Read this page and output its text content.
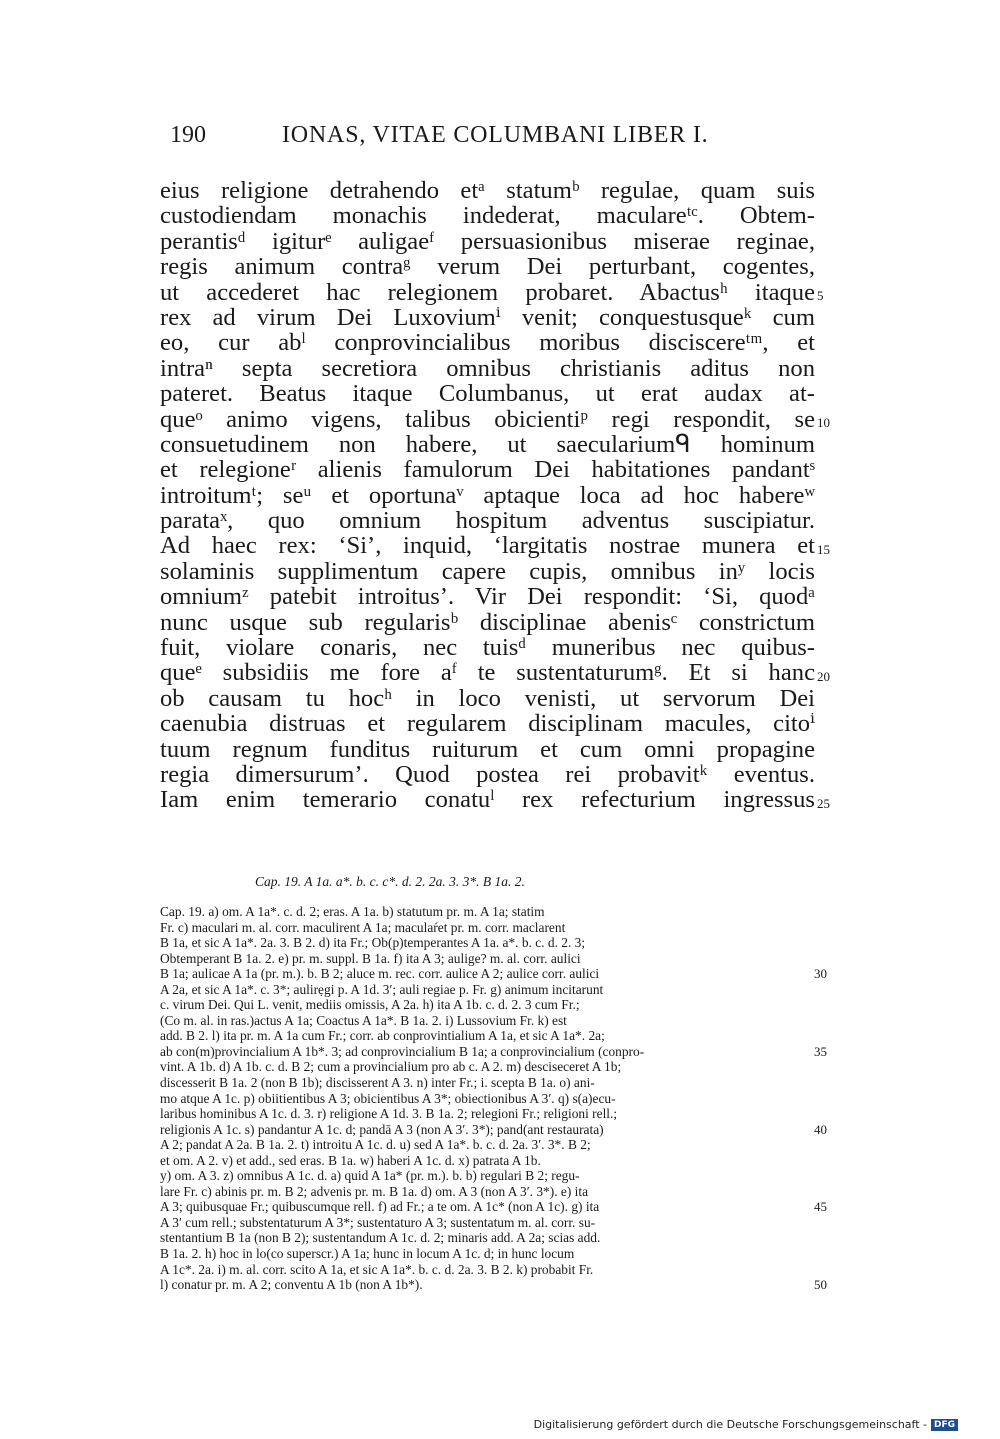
190	IONAS, VITAE COLUMBANI LIBER I.
eius religione detrahendo etᵃ statumᵇ regulae, quam suis
custodiendam monachis indederat, maculareᵗᶜ. Obtem-
perantisᵈ igiturᵉ auligaeᶠ persuasionibus miserae reginae,
regis animum contraᵍ verum Dei perturbant, cogentes,
ut accederet hac relegionem probaret. Abactusʰ itaque
rex ad virum Dei Luxoviumⁱ venit; conquestusqueᵏ cum
eo, cur abˡ conprovincialibus moribus disciscereᵗᵐ, et
intraⁿ septa secretiora omnibus christianis aditus non
pateret. Beatus itaque Columbanus, ut erat audax at-
queᵒ animo vigens, talibus obicientiᵖ regi respondit, se
consuetudinem non habere, ut saeculariumᑫ hominum
et relegioneʳ alienis famulorum Dei habitationes pandantˢ
introitumᵗ; seᵘ et oportunaᵛ aptaque loca ad hoc habereʷ
parataˣ, quo omnium hospitum adventus suscipiatur.
Ad haec rex: ‘Si’, inquid, ‘largitatis nostrae munera et
solaminis supplimentum capere cupis, omnibus inʸ locis
omniumᶻ patebit introitus’. Vir Dei respondit: ‘Si, quodᵃ
nunc usque sub regularisᵇ disciplinae abenisᶜ constrictum
fuit, violare conaris, nec tuisᵈ muneribus nec quibus-
queᵉ subsidiis me fore aᶠ te sustentaturumᵍ. Et si hanc
ob causam tu hocʰ in loco venisti, ut servorum Dei
caenubia distruas et regularem disciplinam macules, citoⁱ
tuum regnum funditus ruiturum et cum omni propagine
regia dimersurum’. Quod postea rei probavitᵏ eventus.
Iam enim temerario conatuˡ rex refecturium ingressus
5
10
15
20
25
Cap. 19. A 1a. a*. b. c. c*. d. 2. 2a. 3. 3*. B 1a. 2.
Cap. 19. a) om. A 1a*. c. d. 2; eras. A 1a. b) statutum pr. m. A 1a; statim
Fr. c) maculari m. al. corr. maculirent A 1a; maculaŕet pr. m. corr. maclarent
B 1a, et sic A 1a*. 2a. 3. B 2. d) ita Fr.; Ob(p)temperantes A 1a. a*. b. c. d. 2. 3;
Obtemperant B 1a. 2. e) pr. m. suppl. B 1a. f) ita A 3; aulige? m. al. corr. aulici
B 1a; aulicae A 1a (pr. m.). b. B 2; aluce m. rec. corr. aulice A 2; aulice corr. aulici
A 2a, et sic A 1a*. c. 3*; aulirẹgi p. A 1d. 3′; auli regiae p. Fr. g) animum incitarunt
c. virum Dei. Qui L. venit, mediis omissis, A 2a. h) ita A 1b. c. d. 2. 3 cum Fr.;
(Co m. al. in ras.)actus A 1a; Coactus A 1a*. B 1a. 2. i) Lussovium Fr. k) est
add. B 2. l) ita pr. m. A 1a cum Fr.; corr. ab conprovintialium A 1a, et sic A 1a*. 2a;
ab con(m)provincialium A 1b*. 3; ad conprovincialium B 1a; a conprovincialium (conpro-
vint. A 1b. d) A 1b. c. d. B 2; cum a provincialium pro ab c. A 2. m) desciseceret A 1b;
discesserit B 1a. 2 (non B 1b); discisserent A 3. n) inter Fr.; i. scepta B 1a. o) ani-
mo atque A 1c. p) obiitientibus A 3; obicientibus A 3*; obiectionibus A 3′. q) s(a)ecu-
laribus hominibus A 1c. d. 3. r) religione A 1d. 3. B 1a. 2; relegioni Fr.; religioni rell.;
religionis A 1c. s) pandantur A 1c. d; pandā A 3 (non A 3′. 3*); pand(ant restaurata)
A 2; pandat A 2a. B 1a. 2. t) introitu A 1c. d. u) sed A 1a*. b. c. d. 2a. 3′. 3*. B 2;
et om. A 2. v) et add., sed eras. B 1a. w) haberi A 1c. d. x) patrata A 1b.
y) om. A 3. z) omnibus A 1c. d. a) quid A 1a* (pr. m.). b. b) regulari B 2; regu-
lare Fr. c) abinis pr. m. B 2; advenis pr. m. B 1a. d) om. A 3 (non A 3′. 3*). e) ita
A 3; quibusquae Fr.; quibuscumque rell. f) ad Fr.; a te om. A 1c* (non A 1c). g) ita
A 3′ cum rell.; substentaturum A 3*; sustentaturo A 3; sustentatum m. al. corr. su-
stentantium B 1a (non B 2); sustentandum A 1c. d. 2; minaris add. A 2a; scias add.
B 1a. 2. h) hoc in lo(co superscr.) A 1a; hunc in locum A 1c. d; in hunc locum
A 1c*. 2a. i) m. al. corr. scito A 1a, et sic A 1a*. b. c. d. 2a. 3. B 2. k) probabit Fr.
l) conatur pr. m. A 2; conventu A 1b (non A 1b*).
30
35
40
45
50
Digitalisierung gefördert durch die Deutsche Forschungsgemeinschaft - DFG
